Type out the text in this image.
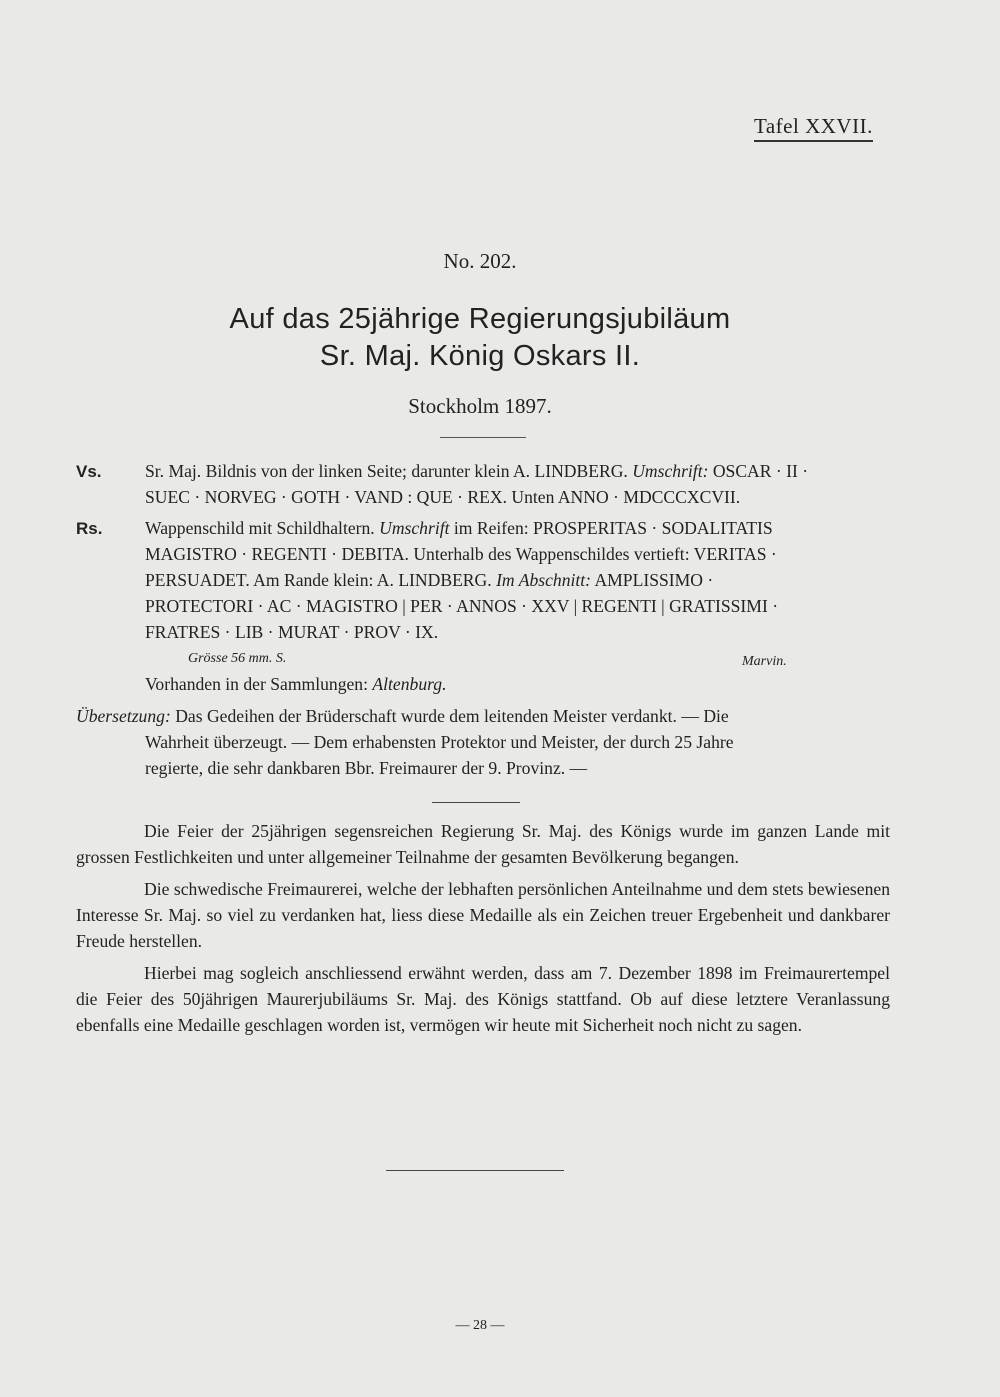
Tafel XXVII.
No. 202.
Auf das 25jährige Regierungsjubiläum
Sr. Maj. König Oskars II.
Stockholm 1897.
Vs. Sr. Maj. Bildnis von der linken Seite; darunter klein A. LINDBERG. Umschrift: OSCAR · II ·
SUEC · NORVEG · GOTH · VAND : QUE · REX. Unten ANNO · MDCCCXCVII.
Rs. Wappenschild mit Schildhaltern. Umschrift im Reifen: PROSPERITAS · SODALITATIS
MAGISTRO · REGENTI · DEBITA. Unterhalb des Wappenschildes vertieft: VERITAS ·
PERSUADET. Am Rande klein: A. LINDBERG. Im Abschnitt: AMPLISSIMO ·
PROTECTORI · AC · MAGISTRO | PER · ANNOS · XXV | REGENTI | GRATISSIMI ·
FRATRES · LIB · MURAT · PROV · IX.
Grösse 56 mm. S.	Marvin.
Vorhanden in der Sammlungen: Altenburg.
Übersetzung: Das Gedeihen der Brüderschaft wurde dem leitenden Meister verdankt. — Die
Wahrheit überzeugt. — Dem erhabensten Protektor und Meister, der durch 25 Jahre
regierte, die sehr dankbaren Bbr. Freimaurer der 9. Provinz. —

Die Feier der 25jährigen segensreichen Regierung Sr. Maj. des Königs wurde im ganzen Lande mit grossen Festlichkeiten und unter allgemeiner Teilnahme der gesamten Bevölkerung begangen.

Die schwedische Freimaurerei, welche der lebhaften persönlichen Anteilnahme und dem stets bewiesenen Interesse Sr. Maj. so viel zu verdanken hat, liess diese Medaille als ein Zeichen treuer Ergebenheit und dankbarer Freude herstellen.

Hierbei mag sogleich anschliessend erwähnt werden, dass am 7. Dezember 1898 im Freimaurertempel die Feier des 50jährigen Maurerjubiläums Sr. Maj. des Königs stattfand. Ob auf diese letztere Veranlassung ebenfalls eine Medaille geschlagen worden ist, vermögen wir heute mit Sicherheit noch nicht zu sagen.

— 28 —
